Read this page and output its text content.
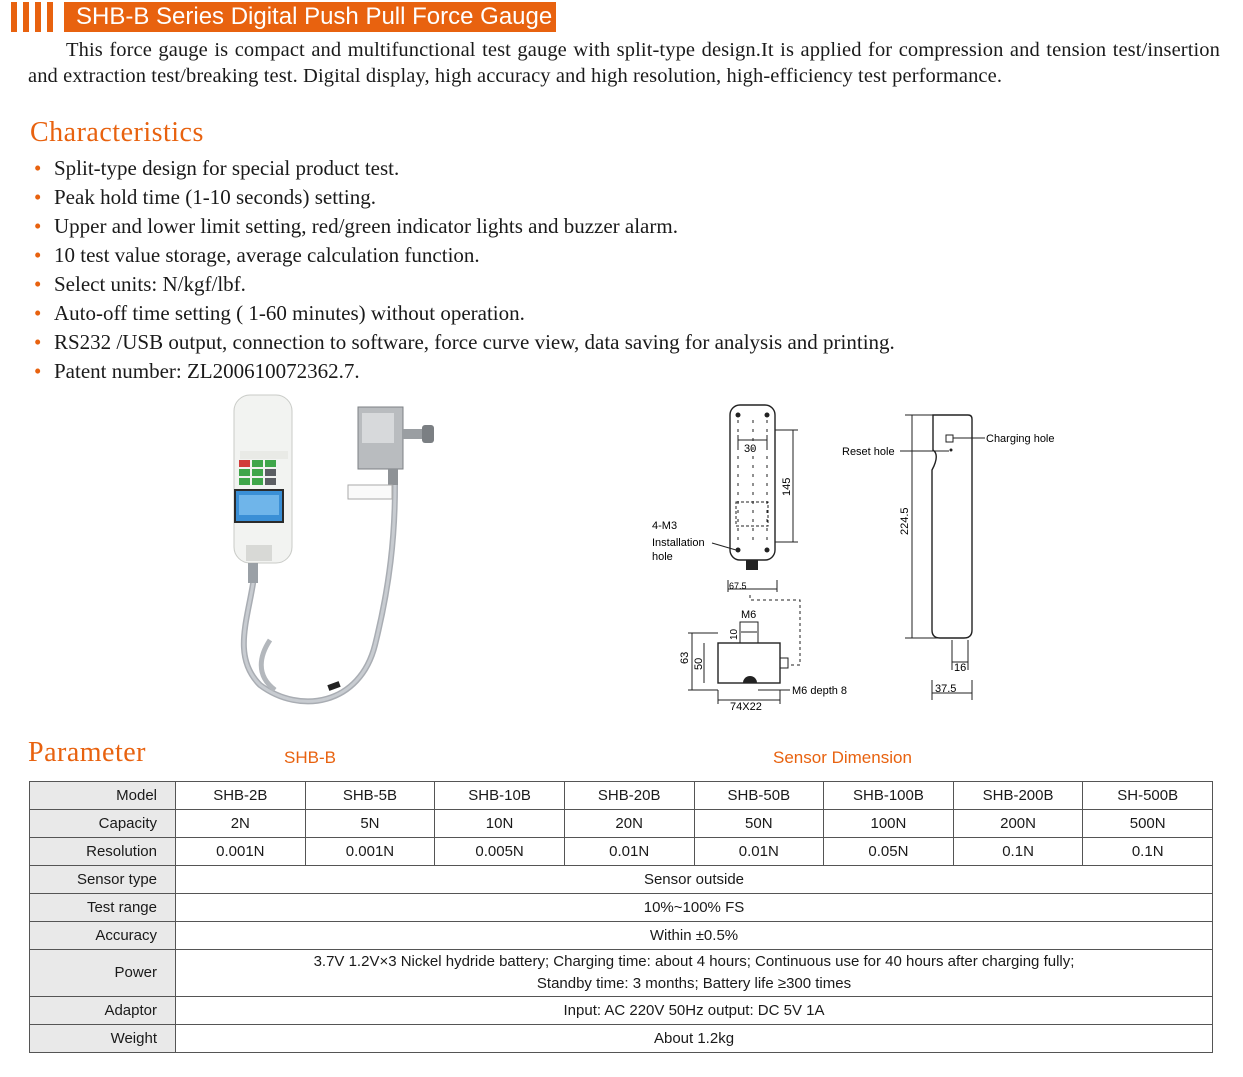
SHB-B Series Digital Push Pull Force Gauge
This force gauge is compact and multifunctional test gauge with split-type design.It is applied for compression and tension test/insertion and extraction test/breaking test. Digital display, high accuracy and high resolution, high-efficiency test performance.
Characteristics
• Split-type design for special product test.
• Peak hold time (1-10 seconds) setting.
• Upper and lower limit setting, red/green indicator lights and buzzer alarm.
• 10 test value storage, average calculation function.
• Select units: N/kgf/lbf.
• Auto-off time setting ( 1-60 minutes) without operation.
• RS232 /USB output, connection to software, force curve view, data saving for analysis and printing.
• Patent number: ZL200610072362.7.
30
145
67.5
4-M3
Installation
hole
M6
10
63 50
74X22
M6 depth 8
Charging hole
Reset hole
224.5
16
37.5
Parameter	SHB-B	Sensor Dimension
Model	SHB-2B	SHB-5B	SHB-10B	SHB-20B	SHB-50B	SHB-100B	SHB-200B	SH-500B
Capacity	2N	5N	10N	20N	50N	100N	200N	500N
Resolution	0.001N	0.001N	0.005N	0.01N	0.01N	0.05N	0.1N	0.1N
Sensor type	Sensor outside							
Test range	10%~100% FS							
Accuracy	Within ±0.5%							
Power	3.7V 1.2V×3 Nickel hydride battery; Charging time: about 4 hours; Continuous use for 40 hours after charging fully;
Standby time: 3 months; Battery life ≥300 times							

Adaptor	Input: AC 220V 50Hz output: DC 5V 1A							
Weight	About 1.2kg							
